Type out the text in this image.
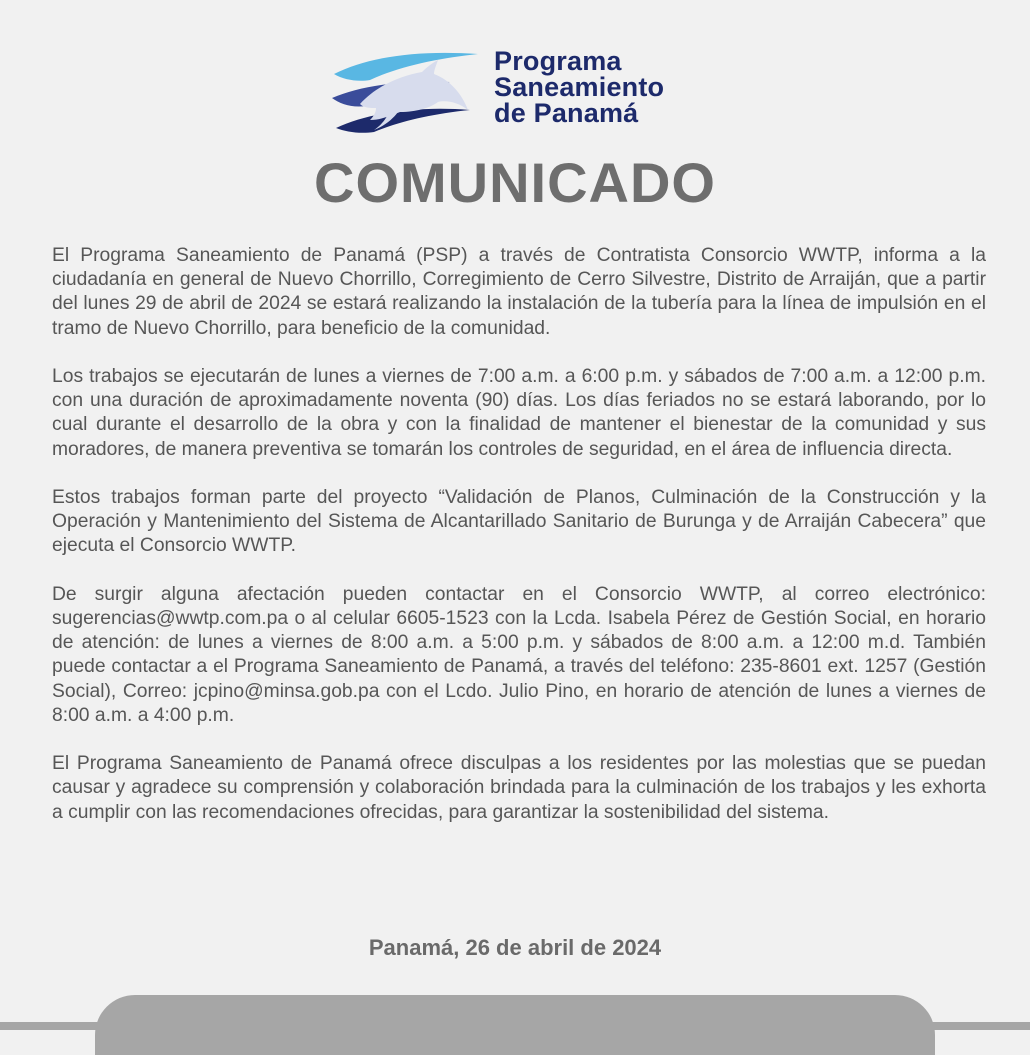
Programa
Saneamiento
de Panamá
COMUNICADO

El Programa Saneamiento de Panamá (PSP) a través de Contratista Consorcio WWTP, informa a la ciudadanía en general de Nuevo Chorrillo, Corregimiento de Cerro Silvestre, Distrito de Arraiján, que a partir del lunes 29 de abril de 2024 se estará realizando la instalación de la tubería para la línea de impulsión en el tramo de Nuevo Chorrillo, para beneficio de la comunidad.

Los trabajos se ejecutarán de lunes a viernes de 7:00 a.m. a 6:00 p.m. y sábados de 7:00 a.m. a 12:00 p.m. con una duración de aproximadamente noventa (90) días. Los días feriados no se estará laborando, por lo cual durante el desarrollo de la obra y con la finalidad de mantener el bienestar de la comunidad y sus moradores, de manera preventiva se tomarán los controles de seguridad, en el área de influencia directa.

Estos trabajos forman parte del proyecto “Validación de Planos, Culminación de la Construcción y la Operación y Mantenimiento del Sistema de Alcantarillado Sanitario de Burunga y de Arraiján Cabecera” que ejecuta el Consorcio WWTP.

De surgir alguna afectación pueden contactar en el Consorcio WWTP, al correo electrónico: sugerencias@wwtp.com.pa o al celular 6605-1523 con la Lcda. Isabela Pérez de Gestión Social, en horario de atención: de lunes a viernes de 8:00 a.m. a 5:00 p.m. y sábados de 8:00 a.m. a 12:00 m.d. También puede contactar a el Programa Saneamiento de Panamá, a través del teléfono: 235-8601 ext. 1257 (Gestión Social), Correo: jcpino@minsa.gob.pa con el Lcdo. Julio Pino, en horario de atención de lunes a viernes de 8:00 a.m. a 4:00 p.m.

El Programa Saneamiento de Panamá ofrece disculpas a los residentes por las molestias que se puedan causar y agradece su comprensión y colaboración brindada para la culminación de los trabajos y les exhorta a cumplir con las recomendaciones ofrecidas, para garantizar la sostenibilidad del sistema.

Panamá, 26 de abril de 2024
